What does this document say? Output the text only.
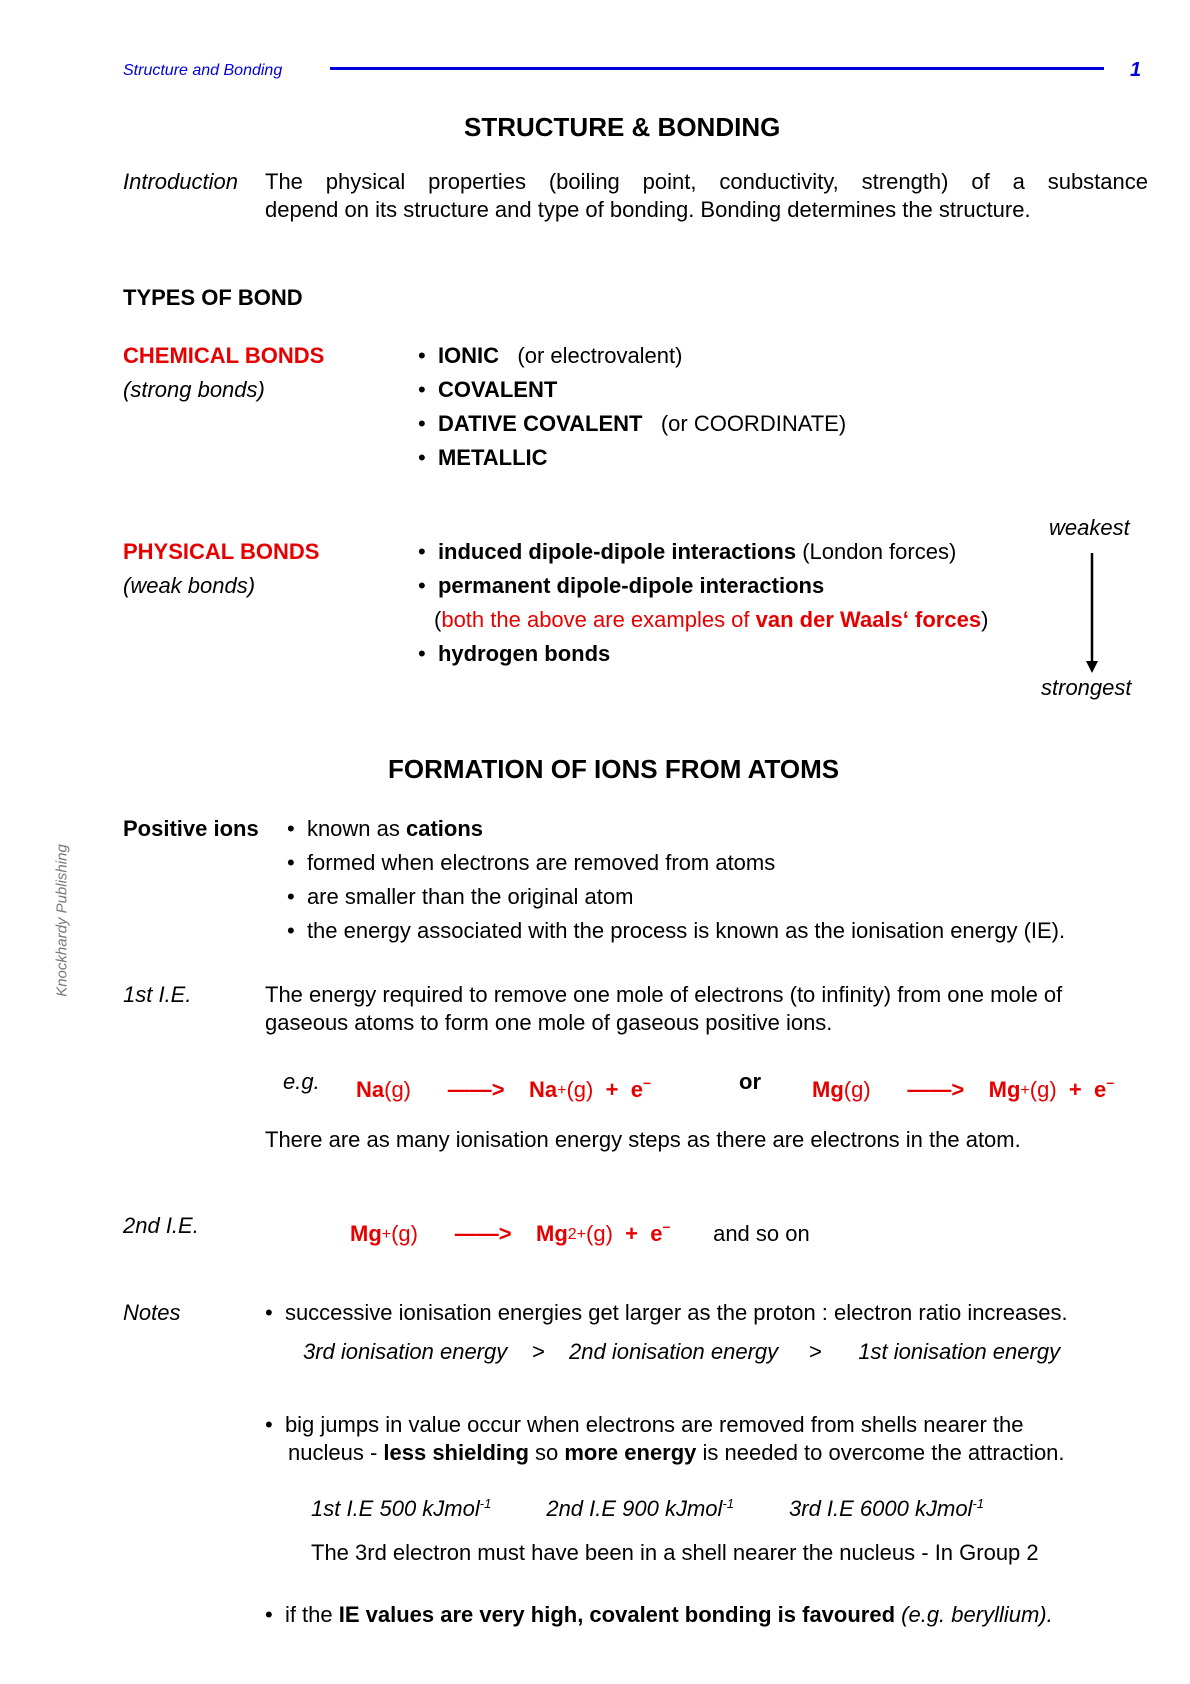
Structure and Bonding	1
Knockhardy Publishing
STRUCTURE & BONDING
Introduction The physical properties (boiling point, conductivity, strength) of a substance
depend on its structure and type of bonding. Bonding determines the structure.
TYPES OF BOND
CHEMICAL BONDS
(strong bonds)
• IONIC (or electrovalent)
• COVALENT
• DATIVE COVALENT (or COORDINATE)
• METALLIC
weakest
PHYSICAL BONDS
(weak bonds)
• induced dipole-dipole interactions (London forces)
• permanent dipole-dipole interactions
(both the above are examples of van der Waals‘ forces)
• hydrogen bonds
strongest
FORMATION OF IONS FROM ATOMS
Positive ions • known as cations
• formed when electrons are removed from atoms
• are smaller than the original atom
• the energy associated with the process is known as the ionisation energy (IE).
1st I.E.	The energy required to remove one mole of electrons (to infinity) from one mole of
gaseous atoms to form one mole of gaseous positive ions.
e.g. Na(g) ——> Na+(g) + e–	or Mg(g) ——> Mg+(g) + e–
There are as many ionisation energy steps as there are electrons in the atom.
2nd I.E.	Mg+(g) ——> Mg2+(g) + e– and so on
Notes	• successive ionisation energies get larger as the proton : electron ratio increases.
3rd ionisation energy > 2nd ionisation energy > 1st ionisation energy
• big jumps in value occur when electrons are removed from shells nearer the
nucleus - less shielding so more energy is needed to overcome the attraction.
1st I.E 500 kJmol$^{-1}$	2nd I.E 900 kJmol$^{-1}$	3rd I.E 6000 kJmol$^{-1}$
The 3rd electron must have been in a shell nearer the nucleus - In Group 2
• if the IE values are very high, covalent bonding is favoured (e.g. beryllium).
